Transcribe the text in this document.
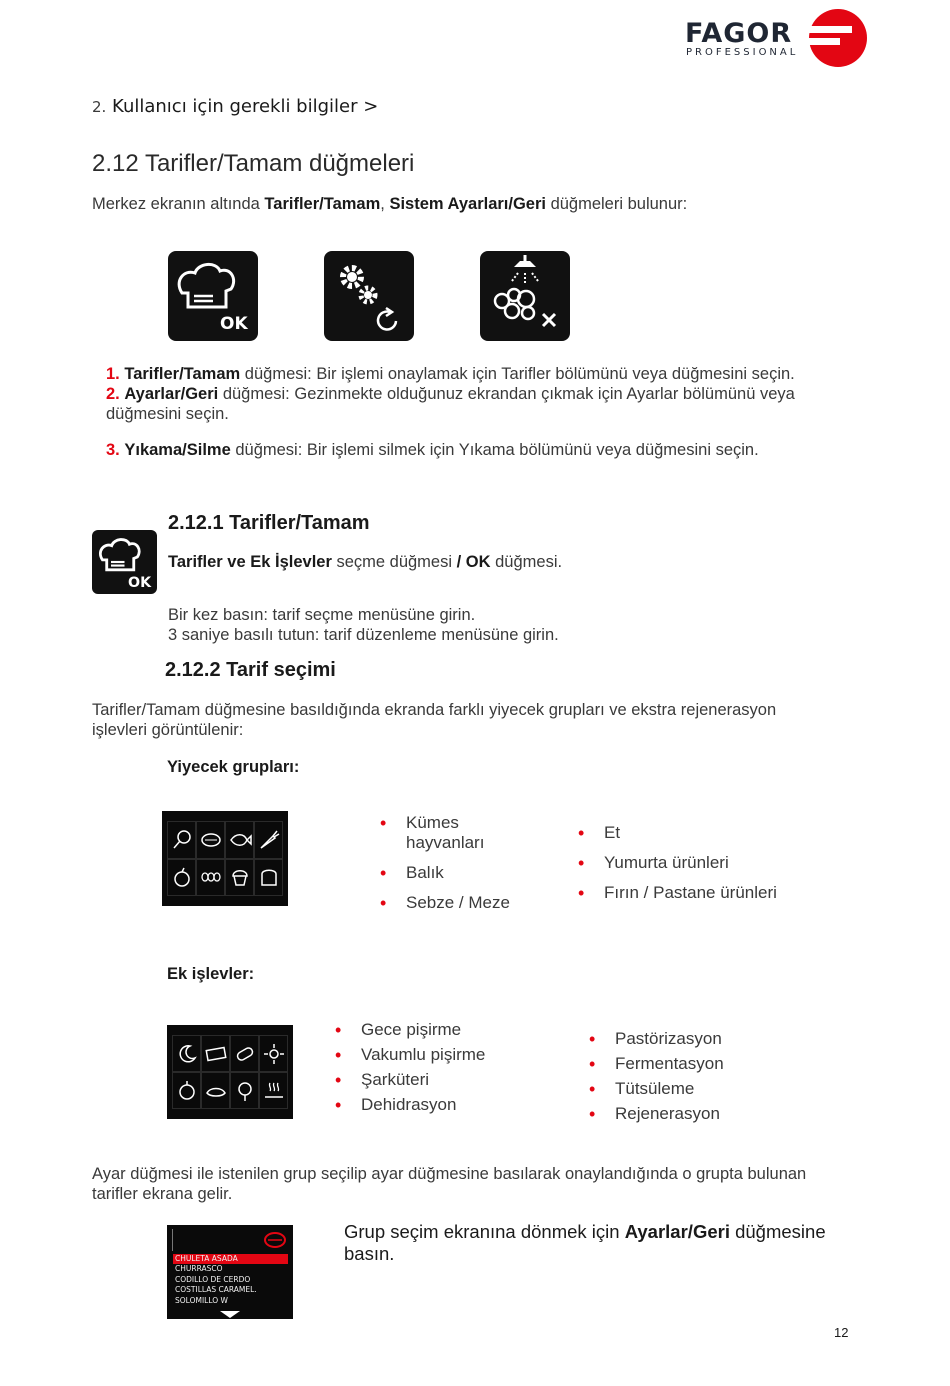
FAGOR
PROFESSIONAL
2. Kullanıcı için gerekli bilgiler >
2.12 Tarifler/Tamam düğmeleri
Merkez ekranın altında Tarifler/Tamam, Sistem Ayarları/Geri düğmeleri bulunur:
OK
1. Tarifler/Tamam düğmesi: Bir işlemi onaylamak için Tarifler bölümünü veya düğmesini seçin.
2. Ayarlar/Geri düğmesi: Gezinmekte olduğunuz ekrandan çıkmak için Ayarlar bölümünü veya
düğmesini seçin.
3. Yıkama/Silme düğmesi: Bir işlemi silmek için Yıkama bölümünü veya düğmesini seçin.
2.12.1 Tarifler/Tamam
OK
Tarifler ve Ek İşlevler seçme düğmesi / OK düğmesi.
Bir kez basın: tarif seçme menüsüne girin.
3 saniye basılı tutun: tarif düzenleme menüsüne girin.
2.12.2 Tarif seçimi
Tarifler/Tamam düğmesine basıldığında ekranda farklı yiyecek grupları ve ekstra rejenerasyon
işlevleri görüntülenir:
Yiyecek grupları:
• Kümes
hayvanları
• Balık
• Sebze / Meze
• Et
• Yumurta ürünleri
• Fırın / Pastane ürünleri
Ek işlevler:
• Gece pişirme
• Vakumlu pişirme
• Şarküteri
• Dehidrasyon
• Pastörizasyon
• Fermentasyon
• Tütsüleme
• Rejenerasyon
Ayar düğmesi ile istenilen grup seçilip ayar düğmesine basılarak onaylandığında o grupta bulunan
tarifler ekrana gelir.
CHULETA ASADA
CHURRASCO
CODILLO DE CERDO
COSTILLAS CARAMEL.
SOLOMILLO W
Grup seçim ekranına dönmek için Ayarlar/Geri düğmesine
basın.
12
